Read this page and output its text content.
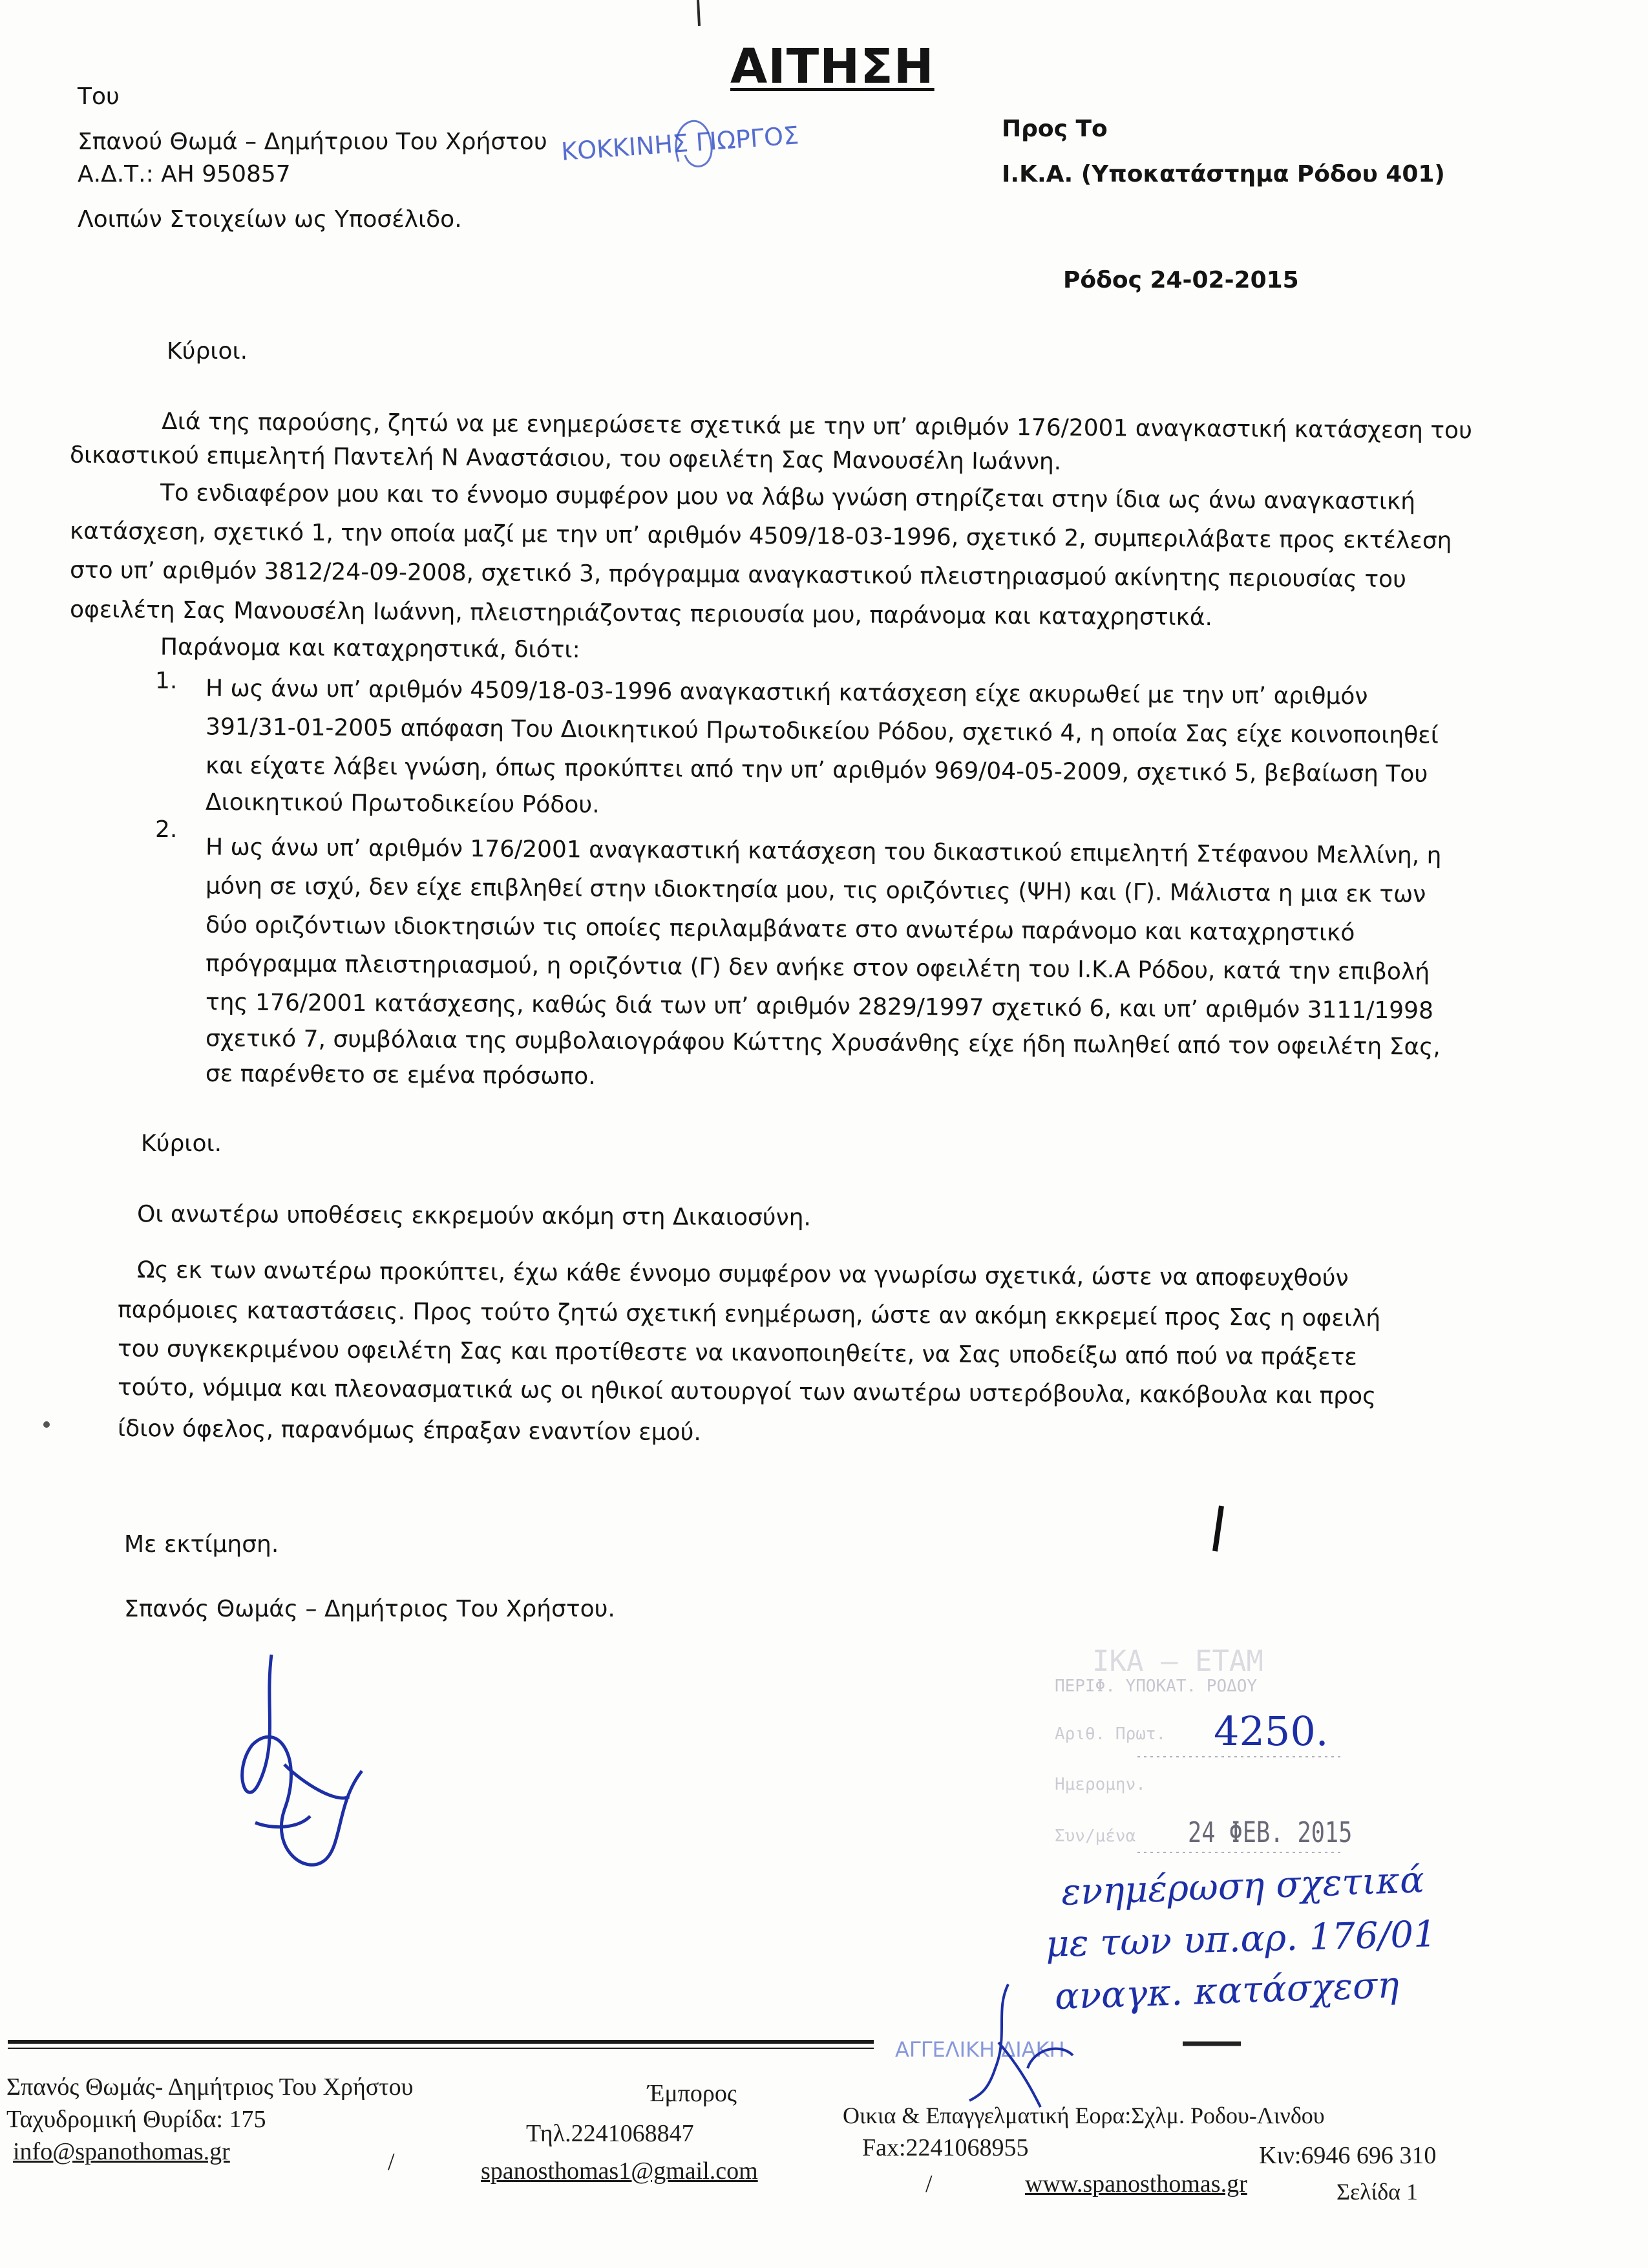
ΑΙΤΗΣΗ
Του
Σπανού Θωμά – Δημήτριου Του Χρήστου
Α.Δ.Τ.: ΑΗ 950857
Λοιπών Στοιχείων ως Υποσέλιδο.
ΚΟΚΚΙΝΗΣ ΓΙΩΡΓΟΣ	Προς Το
Ι.Κ.Α. (Υποκατάστημα Ρόδου 401)
Ρόδος 24-02-2015
Κύριοι.
Διά της παρούσης, ζητώ να με ενημερώσετε σχετικά με την υπ’ αριθμόν 176/2001 αναγκαστική κατάσχεση του
δικαστικού επιμελητή Παντελή Ν Αναστάσιου, του οφειλέτη Σας Μανουσέλη Ιωάννη.
Το ενδιαφέρον μου και το έννομο συμφέρον μου να λάβω γνώση στηρίζεται στην ίδια ως άνω αναγκαστική
κατάσχεση, σχετικό 1, την οποία μαζί με την υπ’ αριθμόν 4509/18-03-1996, σχετικό 2, συμπεριλάβατε προς εκτέλεση
στο υπ’ αριθμόν 3812/24-09-2008, σχετικό 3, πρόγραμμα αναγκαστικού πλειστηριασμού ακίνητης περιουσίας του
οφειλέτη Σας Μανουσέλη Ιωάννη, πλειστηριάζοντας περιουσία μου, παράνομα και καταχρηστικά.
Παράνομα και καταχρηστικά, διότι:
1. Η ως άνω υπ’ αριθμόν 4509/18-03-1996 αναγκαστική κατάσχεση είχε ακυρωθεί με την υπ’ αριθμόν
391/31-01-2005 απόφαση Του Διοικητικού Πρωτοδικείου Ρόδου, σχετικό 4, η οποία Σας είχε κοινοποιηθεί
και είχατε λάβει γνώση, όπως προκύπτει από την υπ’ αριθμόν 969/04-05-2009, σχετικό 5, βεβαίωση Του
Διοικητικού Πρωτοδικείου Ρόδου.
2.
Η ως άνω υπ’ αριθμόν 176/2001 αναγκαστική κατάσχεση του δικαστικού επιμελητή Στέφανου Μελλίνη, η
μόνη σε ισχύ, δεν είχε επιβληθεί στην ιδιοκτησία μου, τις οριζόντιες (ΨΗ) και (Γ). Μάλιστα η μια εκ των
δύο οριζόντιων ιδιοκτησιών τις οποίες περιλαμβάνατε στο ανωτέρω παράνομο και καταχρηστικό
πρόγραμμα πλειστηριασμού, η οριζόντια (Γ) δεν ανήκε στον οφειλέτη του Ι.Κ.Α Ρόδου, κατά την επιβολή
της 176/2001 κατάσχεσης, καθώς διά των υπ’ αριθμόν 2829/1997 σχετικό 6, και υπ’ αριθμόν 3111/1998
σχετικό 7, συμβόλαια της συμβολαιογράφου Κώττης Χρυσάνθης είχε ήδη πωληθεί από τον οφειλέτη Σας,
σε παρένθετο σε εμένα πρόσωπο.
Κύριοι.
Οι ανωτέρω υποθέσεις εκκρεμούν ακόμη στη Δικαιοσύνη.
Ως εκ των ανωτέρω προκύπτει, έχω κάθε έννομο συμφέρον να γνωρίσω σχετικά, ώστε να αποφευχθούν
παρόμοιες καταστάσεις. Προς τούτο ζητώ σχετική ενημέρωση, ώστε αν ακόμη εκκρεμεί προς Σας η οφειλή
του συγκεκριμένου οφειλέτη Σας και προτίθεστε να ικανοποιηθείτε, να Σας υποδείξω από πού να πράξετε
τούτο, νόμιμα και πλεονασματικά ως οι ηθικοί αυτουργοί των ανωτέρω υστερόβουλα, κακόβουλα και προς
ίδιον όφελος, παρανόμως έπραξαν εναντίον εμού.
Με εκτίμηση.
Σπανός Θωμάς – Δημήτριος Του Χρήστου.
ΙΚΑ – ΕΤΑΜ
ΠΕΡΙΦ. ΥΠΟΚΑΤ. ΡΟΔΟΥ
Αριθ. Πρωτ. 4250.
Ημερομην.
Συν/μένα 24 ΦΕΒ. 2015
ενημέρωση σχετικά
με των υπ.αρ. 176/01
αναγκ. κατάσχεση
ΑΓΓΕΛΙΚΗ ΔΙΑΚΗ
Σπανός Θωμάς- Δημήτριος Του Χρήστου	Έμπορος
Οικια & Επαγγελματική Εορα:Σχλμ. Ροδου-Λινδου
Ταχυδρομική Θυρίδα: 175
Τηλ.2241068847
Fax:2241068955	Κιν:6946 696 310
info@spanothomas.gr	/	spanosthomas1@gmail.com	/	www.spanosthomas.gr	Σελίδα 1
